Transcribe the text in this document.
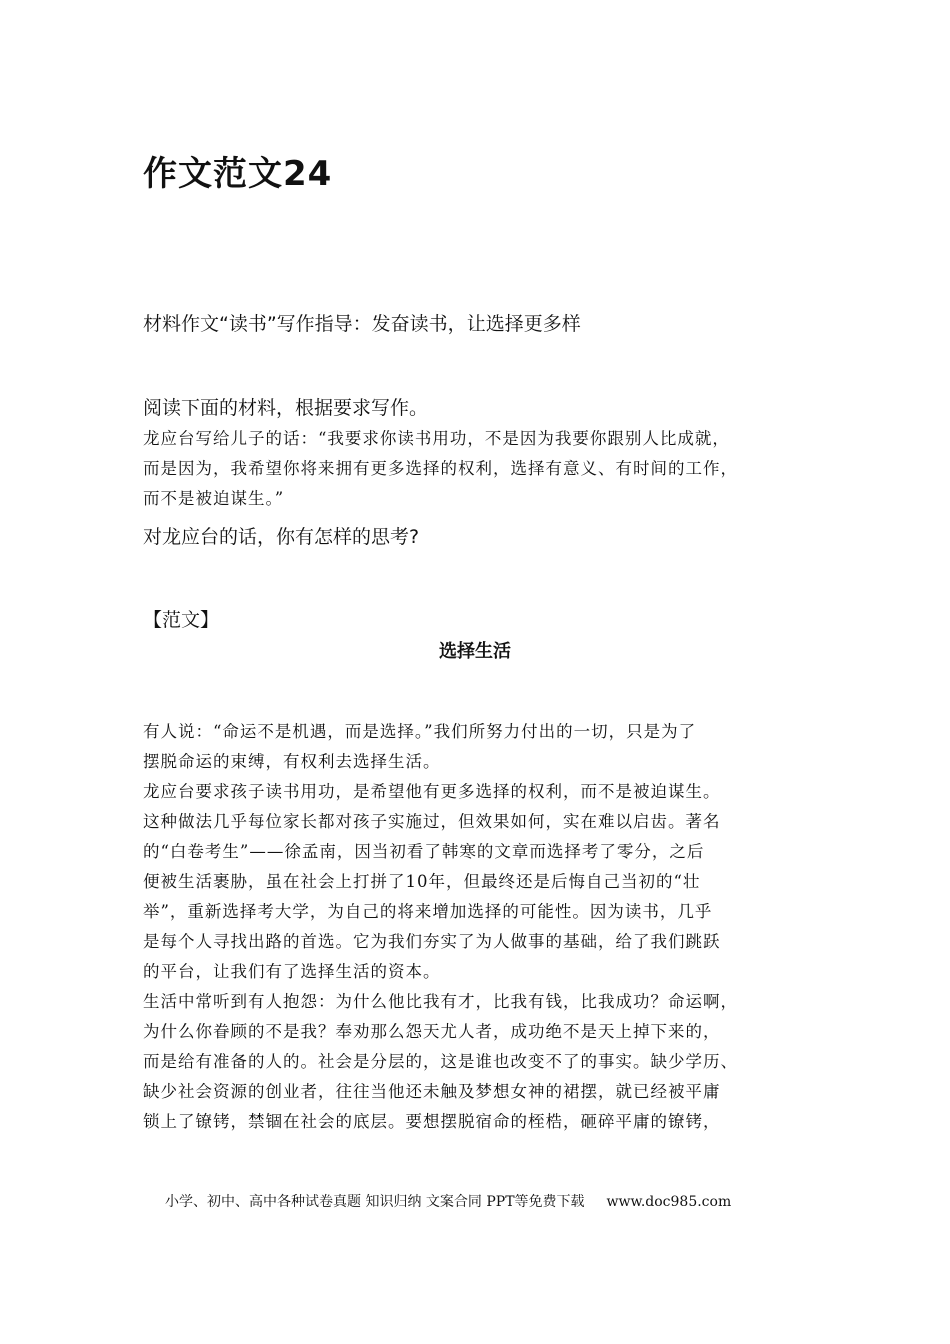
作文范文24
材料作文“读书”写作指导：发奋读书，让选择更多样
阅读下面的材料，根据要求写作。
龙应台写给儿子的话：“我要求你读书用功，不是因为我要你跟别人比成就，
而是因为，我希望你将来拥有更多选择的权利，选择有意义、有时间的工作，
而不是被迫谋生。”
对龙应台的话，你有怎样的思考?
【范文】
选择生活

有人说：“命运不是机遇，而是选择。”我们所努力付出的一切，只是为了

摆脱命运的束缚，有权利去选择生活。

龙应台要求孩子读书用功，是希望他有更多选择的权利，而不是被迫谋生。

这种做法几乎每位家长都对孩子实施过，但效果如何，实在难以启齿。著名

的“白卷考生”——徐孟南，因当初看了韩寒的文章而选择考了零分，之后

便被生活裹胁，虽在社会上打拼了10年，但最终还是后悔自己当初的“壮

举”，重新选择考大学，为自己的将来增加选择的可能性。因为读书，几乎

是每个人寻找出路的首选。它为我们夯实了为人做事的基础，给了我们跳跃

的平台，让我们有了选择生活的资本。

生活中常听到有人抱怨：为什么他比我有才，比我有钱，比我成功？命运啊，

为什么你眷顾的不是我？奉劝那么怨天尤人者，成功绝不是天上掉下来的，

而是给有准备的人的。社会是分层的，这是谁也改变不了的事实。缺少学历、

缺少社会资源的创业者，往往当他还未触及梦想女神的裙摆，就已经被平庸

锁上了镣铐，禁锢在社会的底层。要想摆脱宿命的桎梏，砸碎平庸的镣铐，

小学、初中、高中各种试卷真题 知识归纳 文案合同 PPT等免费下载 www.doc985.com
